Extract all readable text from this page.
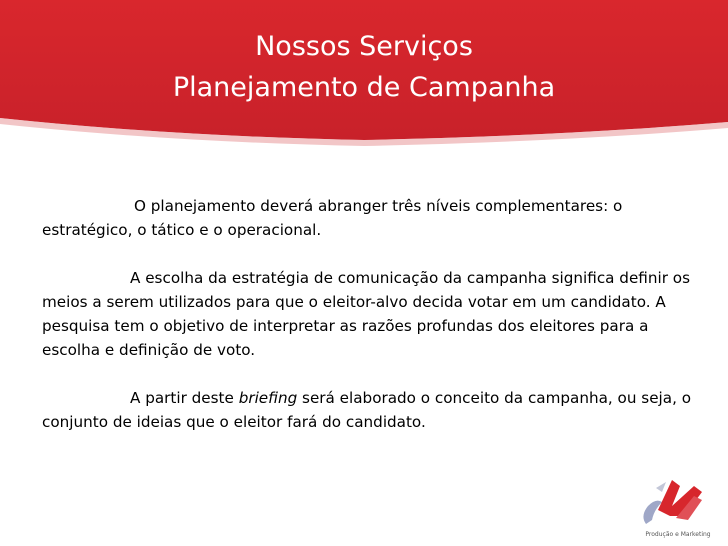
Nossos Serviços
Planejamento de Campanha

O planejamento deverá abranger três níveis complementares: o estratégico, o tático e o operacional.

A escolha da estratégia de comunicação da campanha significa definir os meios a serem utilizados para que o eleitor-alvo decida votar em um candidato. A pesquisa tem o objetivo de interpretar as razões profundas dos eleitores para a escolha e definição de voto.

A partir deste briefing será elaborado o conceito da campanha, ou seja, o conjunto de ideias que o eleitor fará do candidato.

Produção e Marketing
